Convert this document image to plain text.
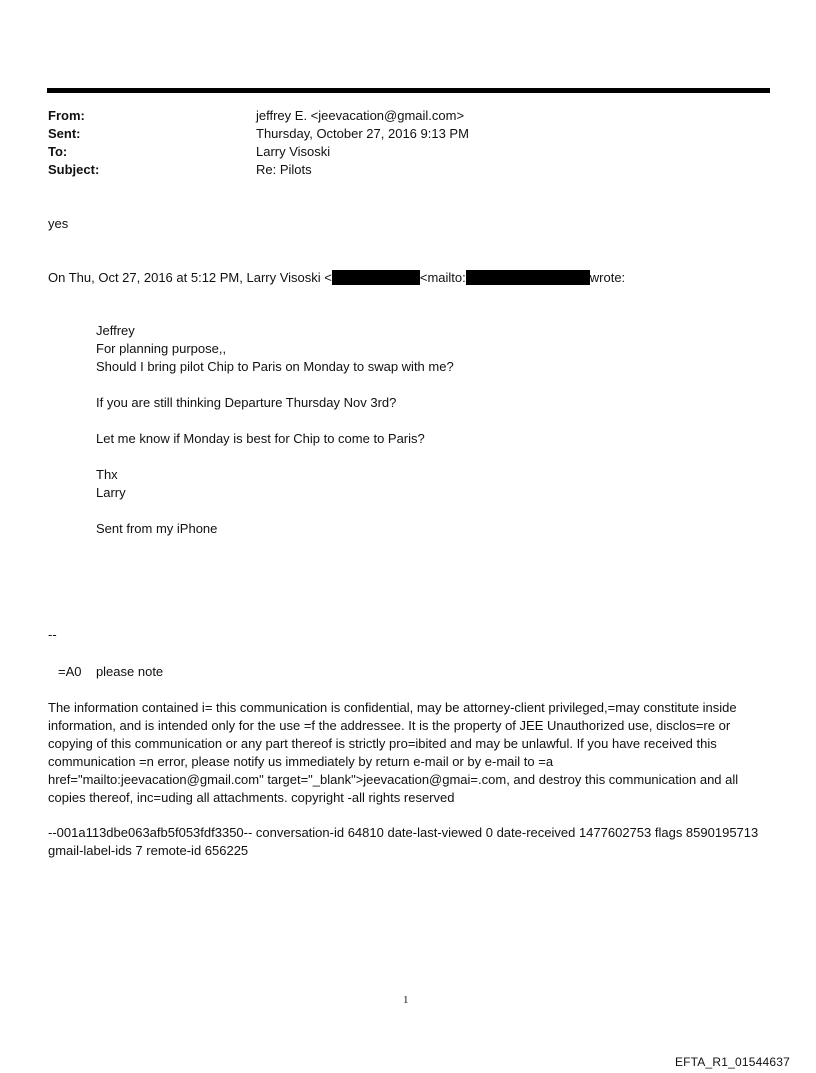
From:	jeffrey E. <jeevacation@gmail.com>
Sent:	Thursday, October 27, 2016 9:13 PM
To:	Larry Visoski
Subject:	Re: Pilots
yes
On Thu, Oct 27, 2016 at 5:12 PM, Larry Visoski <	<mailto:	wrote:
Jeffrey
For planning purpose,,
Should I bring pilot Chip to Paris on Monday to swap with me?
If you are still thinking Departure Thursday Nov 3rd?
Let me know if Monday is best for Chip to come to Paris?
Thx
Larry
Sent from my iPhone
--
=A0    please note
The information contained i= this communication is confidential, may be attorney-client privileged,=may constitute inside information, and is intended only for the use =f the addressee. It is the property of JEE Unauthorized use, disclos=re or copying of this communication or any part thereof is strictly pro=ibited and may be unlawful. If you have received this communication =n error, please notify us immediately by return e-mail or by e-mail to =a href="mailto:jeevacation@gmail.com" target="_blank">jeevacation@gmai=.com, and destroy this communication and all copies thereof, inc=uding all attachments. copyright -all rights reserved
--001a113dbe063afb5f053fdf3350-- conversation-id 64810 date-last-viewed 0 date-received 1477602753 flags 8590195713 gmail-label-ids 7 remote-id 656225
1
EFTA_R1_01544637
